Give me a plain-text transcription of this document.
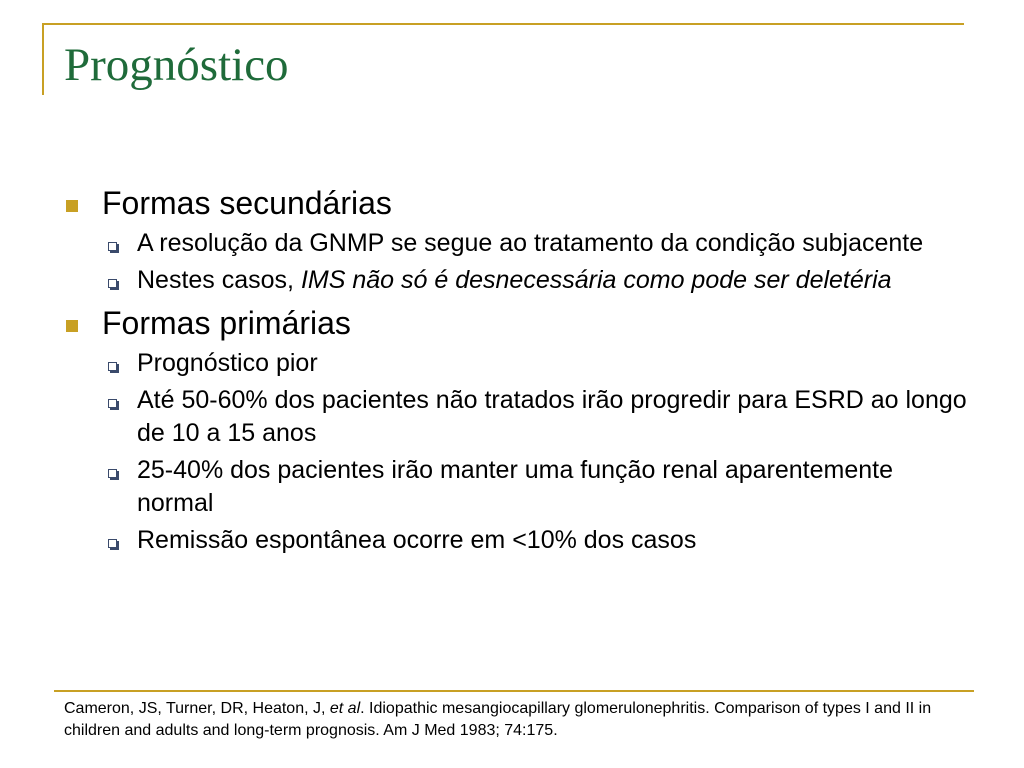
Prognóstico
Formas secundárias
A resolução da GNMP se segue ao tratamento da condição subjacente
Nestes casos, IMS não só é desnecessária como pode ser deletéria
Formas primárias
Prognóstico pior
Até 50-60% dos pacientes não tratados irão progredir para ESRD ao longo de 10 a 15 anos
25-40% dos pacientes irão manter uma função renal aparentemente normal
Remissão espontânea ocorre em <10% dos casos
Cameron, JS, Turner, DR, Heaton, J, et al. Idiopathic mesangiocapillary glomerulonephritis. Comparison of types I and II in children and adults and long-term prognosis. Am J Med 1983; 74:175.
